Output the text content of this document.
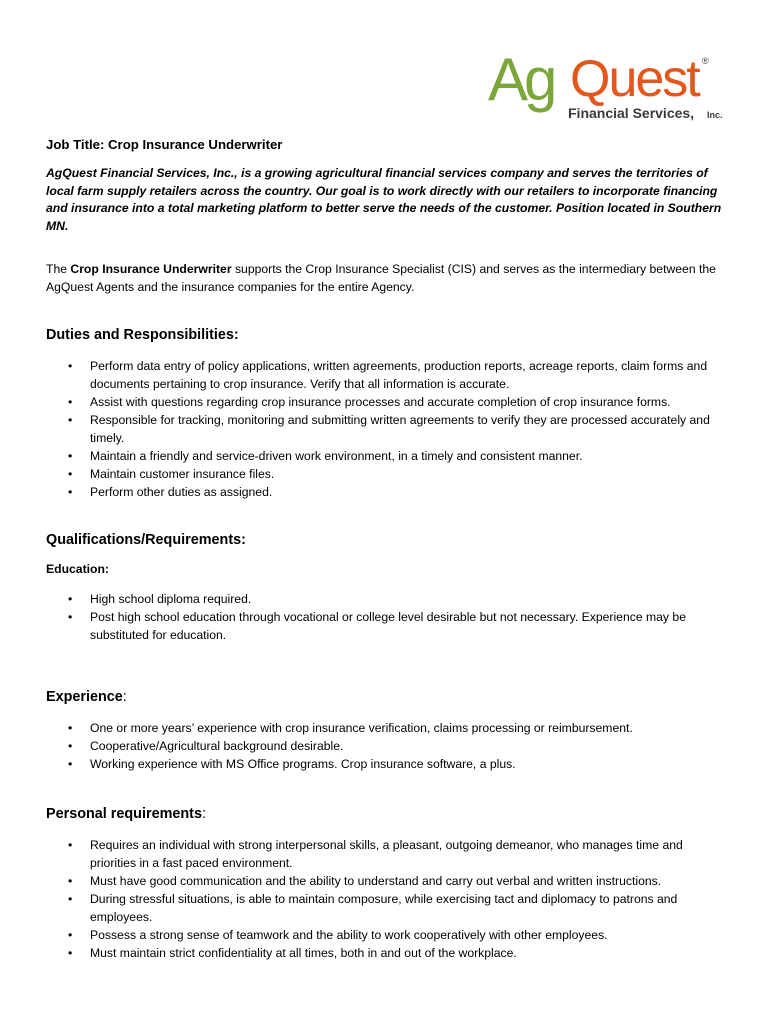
Ag Quest ®
Financial Services, Inc.
Job Title: Crop Insurance Underwriter
AgQuest Financial Services, Inc., is a growing agricultural financial services company and serves the territories of local farm supply retailers across the country. Our goal is to work directly with our retailers to incorporate financing and insurance into a total marketing platform to better serve the needs of the customer. Position located in Southern MN.
The Crop Insurance Underwriter supports the Crop Insurance Specialist (CIS) and serves as the intermediary between the AgQuest Agents and the insurance companies for the entire Agency.
Duties and Responsibilities:
• Perform data entry of policy applications, written agreements, production reports, acreage reports, claim forms and documents pertaining to crop insurance. Verify that all information is accurate.
• Assist with questions regarding crop insurance processes and accurate completion of crop insurance forms.
• Responsible for tracking, monitoring and submitting written agreements to verify they are processed accurately and timely.
• Maintain a friendly and service-driven work environment, in a timely and consistent manner.
• Maintain customer insurance files.
• Perform other duties as assigned.
Qualifications/Requirements:
Education:
• High school diploma required.
• Post high school education through vocational or college level desirable but not necessary. Experience may be substituted for education.
Experience:
• One or more years’ experience with crop insurance verification, claims processing or reimbursement.
• Cooperative/Agricultural background desirable.
• Working experience with MS Office programs. Crop insurance software, a plus.
Personal requirements:
• Requires an individual with strong interpersonal skills, a pleasant, outgoing demeanor, who manages time and priorities in a fast paced environment.
• Must have good communication and the ability to understand and carry out verbal and written instructions.
• During stressful situations, is able to maintain composure, while exercising tact and diplomacy to patrons and employees.
• Possess a strong sense of teamwork and the ability to work cooperatively with other employees.
• Must maintain strict confidentiality at all times, both in and out of the workplace.
